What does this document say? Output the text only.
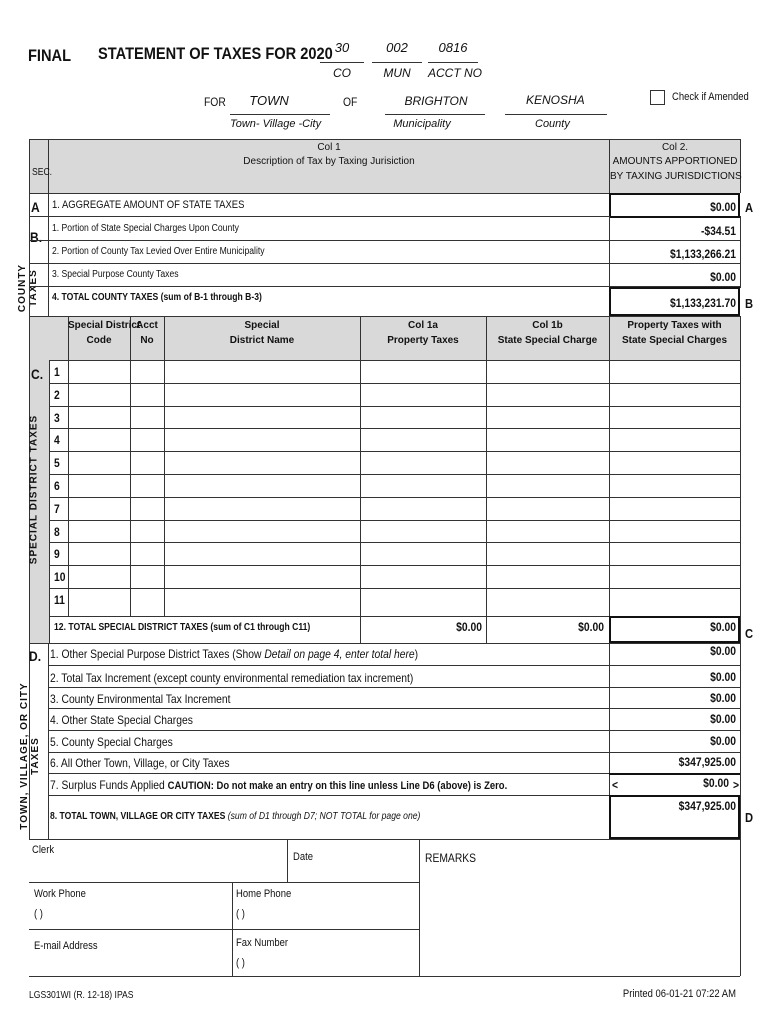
FINAL STATEMENT OF TAXES FOR 2020 30
CO
002
MUN
0816
ACCT NO
FOR	TOWN
Town- Village -City
OF	BRIGHTON
Municipality
KENOSHA
County
Check if Amended
SEC.
Col 1
Description of Tax by Taxing Jurisiction
Col 2.
AMOUNTS APPORTIONED
BY TAXING JURISDICTIONS
A 1. AGGREGATE AMOUNT OF STATE TAXES	$0.00 A
B.
COUNTY TAXES
1. Portion of State Special Charges Upon County	-$34.51
2. Portion of County Tax Levied Over Entire Municipality	$1,133,266.21
3. Special Purpose County Taxes	$0.00
4. TOTAL COUNTY TAXES (sum of B-1 through B-3)	$1,133,231.70 B
Special District
Code
Acct
No
Special
District Name
Col 1a
Property Taxes
Col 1b
State Special Charge
Property Taxes with
State Special Charges
C.
SPECIAL DISTRICT TAXES
1
2
3
4
5
6
7
8
9
10
11
12. TOTAL SPECIAL DISTRICT TAXES (sum of C1 through C11)	$0.00	$0.00	$0.00 C
D.
TOWN, VILLAGE, OR CITY TAXES
1. Other Special Purpose District Taxes (Show Detail on page 4, enter total here)	$0.00
2. Total Tax Increment (except county environmental remediation tax increment)	$0.00
3. County Environmental Tax Increment	$0.00
4. Other State Special Charges	$0.00
5. County Special Charges	$0.00
6. All Other Town, Village, or City Taxes	$347,925.00
7. Surplus Funds Applied CAUTION: Do not make an entry on this line unless Line D6 (above) is Zero.	<	$0.00 >
8. TOTAL TOWN, VILLAGE OR CITY TAXES (sum of D1 through D7; NOT TOTAL for page one)
$347,925.00
D
Clerk
Date	REMARKS
Work Phone
( )
Home Phone
( )
E-mail Address	Fax Number
( )
LGS301WI (R. 12-18) IPAS	Printed 06-01-21 07:22 AM
